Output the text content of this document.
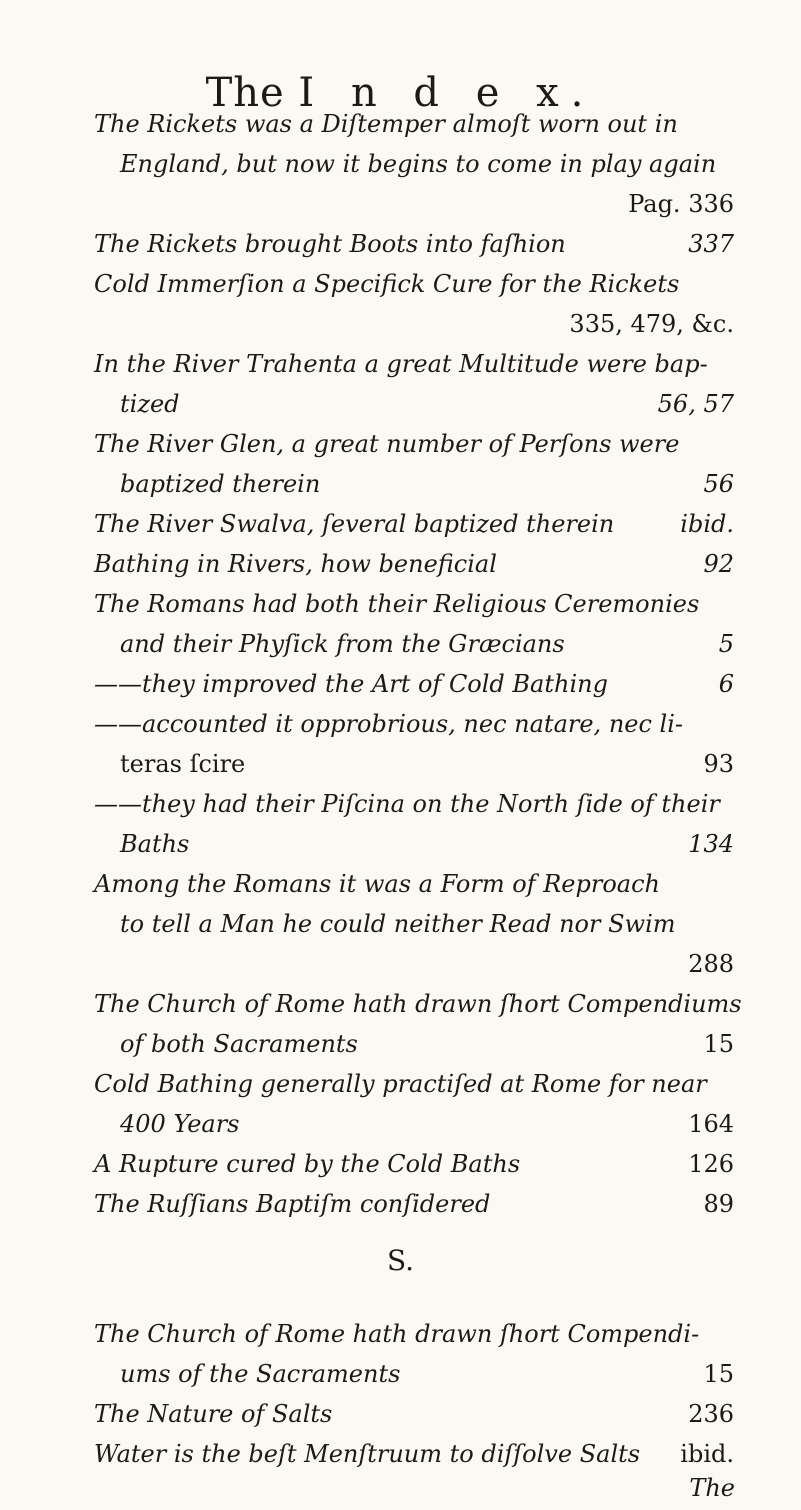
The I n d e x.
The Rickets was a Diſtemper almoſt worn out in
England, but now it begins to come in play again
Pag. 336
The Rickets brought Boots into faſhion	337
Cold Immerſion a Specifick Cure for the Rickets
335, 479, &c.
In the River Trahenta a great Multitude were bap-
tized	56, 57
The River Glen, a great number of Perſons were
baptized therein	56
The River Swalva, ſeveral baptized therein	ibid.
Bathing in Rivers, how beneficial	92
The Romans had both their Religious Ceremonies
and their Phyſick from the Græcians	5
——they improved the Art of Cold Bathing	6
——accounted it opprobrious, nec natare, nec li-
teras ſcire	93
——they had their Piſcina on the North ſide of their
Baths	134
Among the Romans it was a Form of Reproach
to tell a Man he could neither Read nor Swim
288
The Church of Rome hath drawn ſhort Compendiums
of both Sacraments	15
Cold Bathing generally practiſed at Rome for near
400 Years	164
A Rupture cured by the Cold Baths	126
The Ruſſians Baptiſm conſidered	89
S.
The Church of Rome hath drawn ſhort Compendi-
ums of the Sacraments	15
The Nature of Salts	236
Water is the beſt Menſtruum to diſſolve Salts ibid.
The
